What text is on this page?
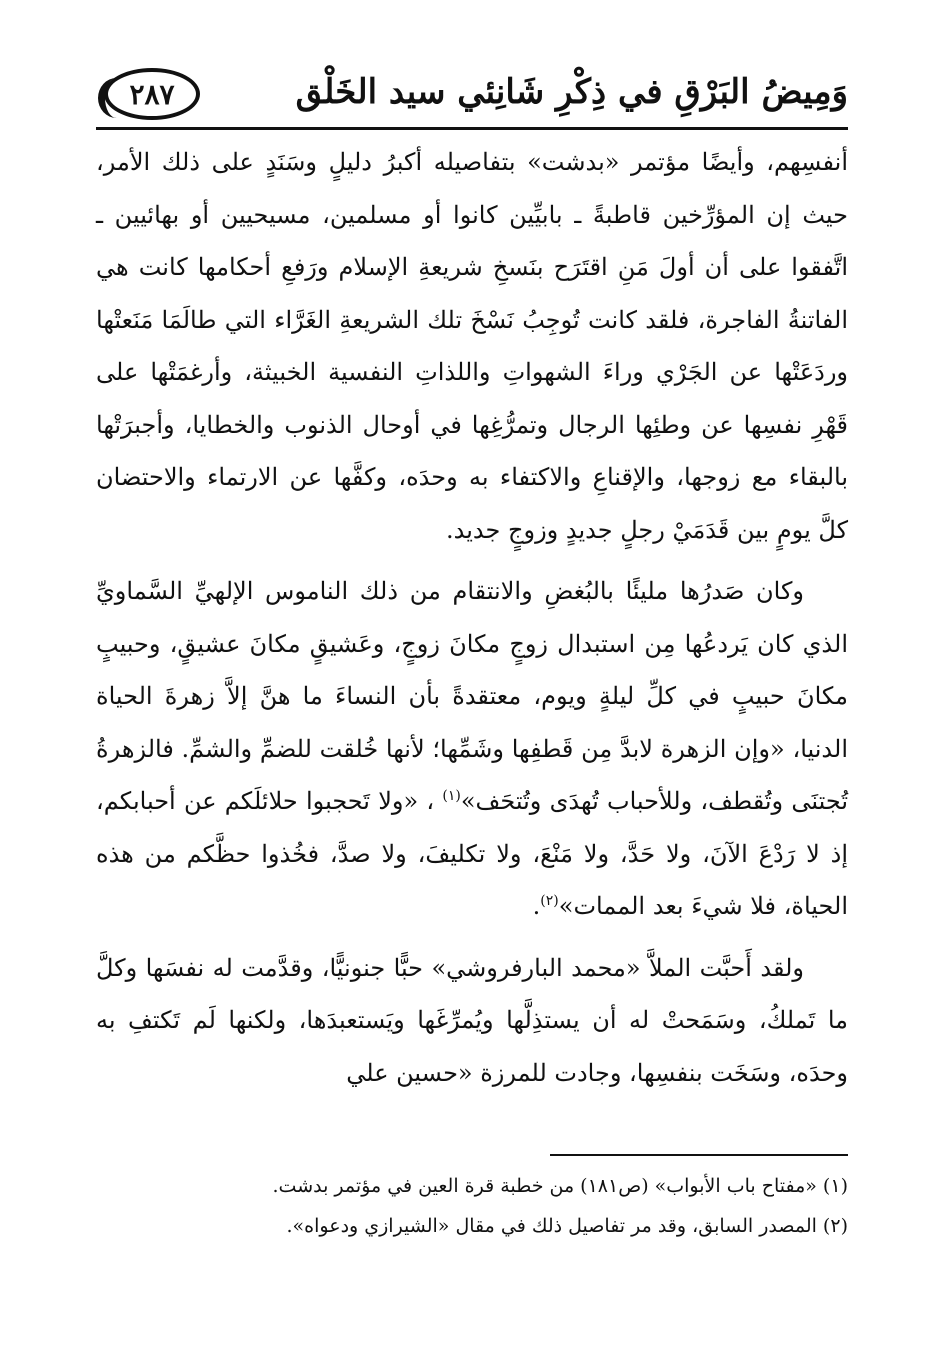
وَمِيضُ البَرْقِ في ذِكْرِ شَانِئي سيد الخَلْق
٢٨٧

أنفسِهم، وأيضًا مؤتمر «بدشت» بتفاصيله أكبرُ دليلٍ وسَنَدٍ على ذلك الأمر، حيث إن المؤرِّخين قاطبةً ـ بابيِّين كانوا أو مسلمين، مسيحيين أو بهائيين ـ اتَّفقوا على أن أولَ مَنِ اقتَرَح بنَسخِ شريعةِ الإسلام ورَفعِ أحكامها كانت هي الفاتنةُ الفاجرة، فلقد كانت تُوجِبُ نَسْخَ تلك الشريعةِ الغَرَّاء التي طالَمَا مَنَعتْها وردَعَتْها عن الجَرْي وراءَ الشهواتِ واللذاتِ النفسية الخبيثة، وأرغمَتْها على قَهْرِ نفسِها عن وطئِها الرجال وتمرُّغِها في أوحال الذنوب والخطايا، وأجبرَتْها بالبقاء مع زوجها، والإقناعِ والاكتفاء به وحدَه، وكفَّها عن الارتماء والاحتضان كلَّ يومٍ بين قَدَمَيْ رجلٍ جديدٍ وزوجٍ جديد.

وكان صَدرُها مليئًا بالبُغضِ والانتقام من ذلك الناموس الإلهيِّ السَّماويِّ الذي كان يَردعُها مِن استبدال زوجٍ مكانَ زوجٍ، وعَشيقٍ مكانَ عشيقٍ، وحبيبٍ مكانَ حبيبٍ في كلِّ ليلةٍ ويوم، معتقدةً بأن النساءَ ما هنَّ إلاَّ زهرةَ الحياة الدنيا، «وإن الزهرة لابدَّ مِن قَطفِها وشَمِّها؛ لأنها خُلقت للضمِّ والشمِّ. فالزهرةُ تُجتنَى وتُقطف، وللأحباب تُهدَى وتُتحَف»$^{(١)}$ ، «ولا تَحجبوا حلائلَكم عن أحبابكم، إذ لا رَدْعَ الآنَ، ولا حَدَّ، ولا مَنْعَ، ولا تكليفَ، ولا صدَّ، فخُذوا حظَّكم من هذه الحياة، فلا شيءَ بعد الممات»$^{(٢)}$.

ولقد أَحبَّت الملاَّ «محمد البارفروشي» حبًّا جنونيًّا، وقدَّمت له نفسَها وكلَّ ما تَملكُ، وسَمَحتْ له أن يستذِلَّها ويُمرِّغَها ويَستعبدَها، ولكنها لَم تَكتفِ به وحدَه، وسَخَت بنفسِها، وجادت للمرزة «حسين علي

(١) «مفتاح باب الأبواب» (ص١٨١) من خطبة قرة العين في مؤتمر بدشت.
(٢) المصدر السابق، وقد مر تفاصيل ذلك في مقال «الشيرازي ودعواه».
